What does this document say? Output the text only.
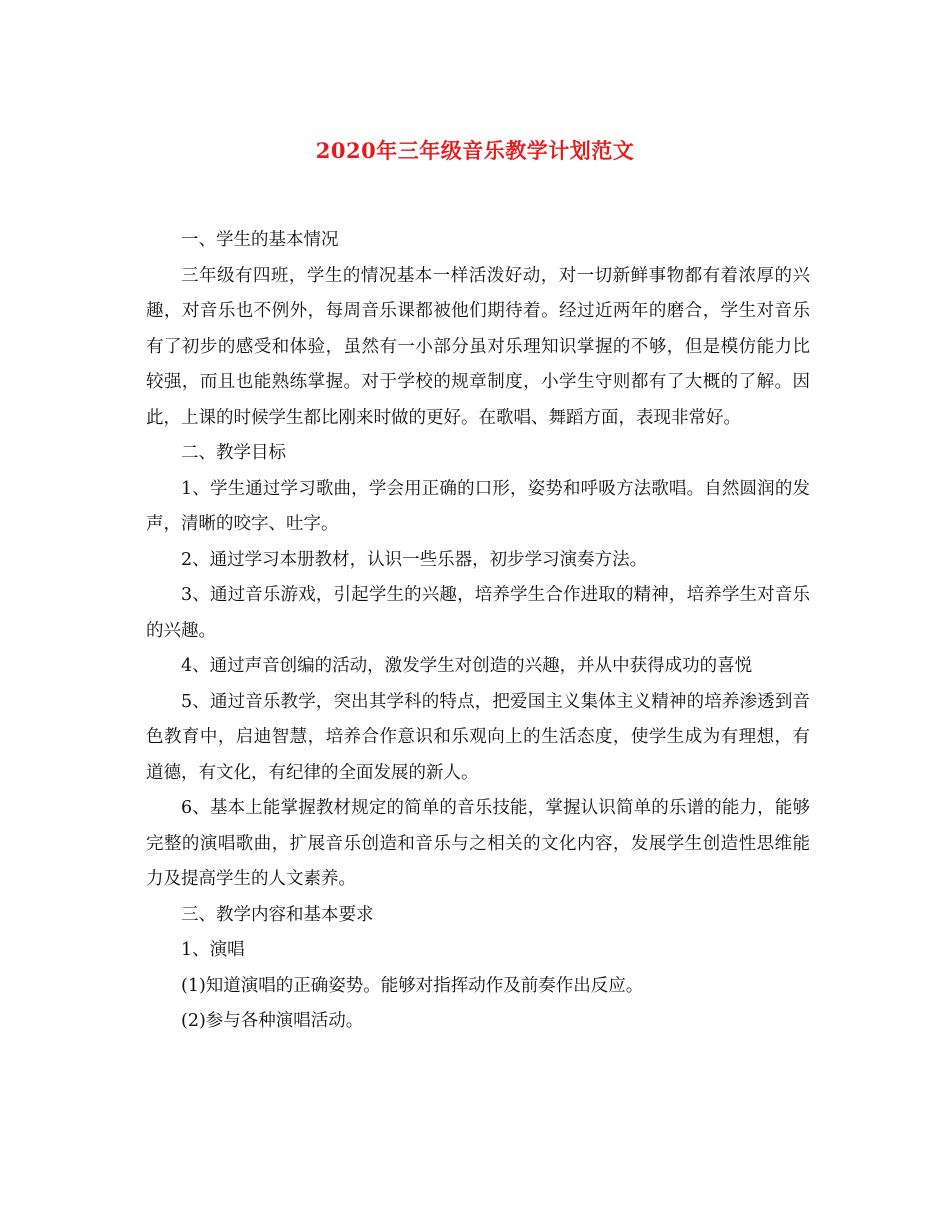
2020年三年级音乐教学计划范文

一、学生的基本情况

三年级有四班，学生的情况基本一样活泼好动，对一切新鲜事物都有着浓厚的兴趣，对音乐也不例外，每周音乐课都被他们期待着。经过近两年的磨合，学生对音乐有了初步的感受和体验，虽然有一小部分虽对乐理知识掌握的不够，但是模仿能力比较强，而且也能熟练掌握。对于学校的规章制度，小学生守则都有了大概的了解。因此，上课的时候学生都比刚来时做的更好。在歌唱、舞蹈方面，表现非常好。

二、教学目标

1、学生通过学习歌曲，学会用正确的口形，姿势和呼吸方法歌唱。自然圆润的发声，清晰的咬字、吐字。

2、通过学习本册教材，认识一些乐器，初步学习演奏方法。

3、通过音乐游戏，引起学生的兴趣，培养学生合作进取的精神，培养学生对音乐的兴趣。

4、通过声音创编的活动，激发学生对创造的兴趣，并从中获得成功的喜悦

5、通过音乐教学，突出其学科的特点，把爱国主义集体主义精神的培养渗透到音色教育中，启迪智慧，培养合作意识和乐观向上的生活态度，使学生成为有理想，有道德，有文化，有纪律的全面发展的新人。

6、基本上能掌握教材规定的简单的音乐技能，掌握认识简单的乐谱的能力，能够完整的演唱歌曲，扩展音乐创造和音乐与之相关的文化内容，发展学生创造性思维能力及提高学生的人文素养。

三、教学内容和基本要求

1、演唱

(1)知道演唱的正确姿势。能够对指挥动作及前奏作出反应。

(2)参与各种演唱活动。
